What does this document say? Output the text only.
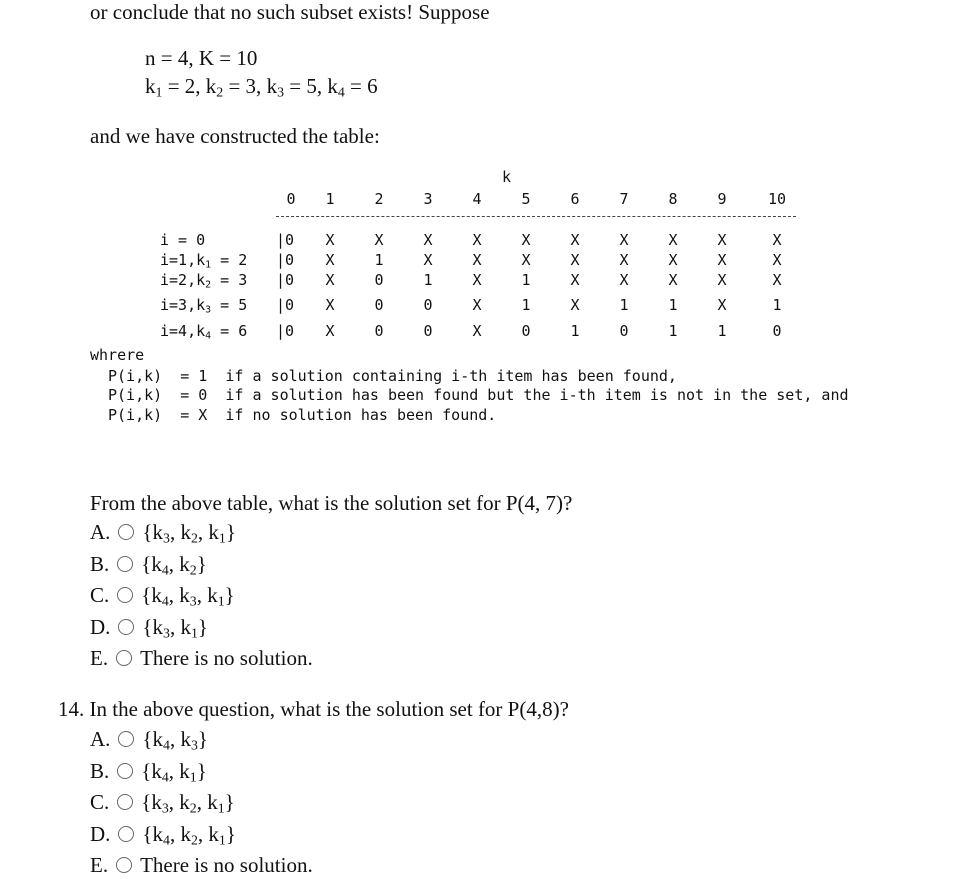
or conclude that no such subset exists! Suppose
n = 4, K = 10
$k_1 = 2$, $k_2 = 3$, $k_3 = 5$, $k_4 = 6$
and we have constructed the table:
k
0	1	2	3	4	5	6	7	8	9	10
i = 0	|0	X	X	X	X	X	X	X	X	X	X
$i=1,k_1 = 2$ |0	X	1	X	X	X	X	X	X	X	X
$i=2,k_2 = 3$ |0	X	0	1	X	1	X	X	X	X	X
$i=3,k_3 = 5$ |0	X	0	0	X	1	X	1	1	X	1
$i=4,k_4 = 6$ |0	X	0	0	X	0	1	0	1	1	0
whrere
P(i,k)  = 1  if a solution containing i-th item has been found,
P(i,k)  = 0  if a solution has been found but the i-th item is not in the set, and
P(i,k)  = X  if no solution has been found.
From the above table, what is the solution set for P(4, 7)?
A. {$k_3$, $k_2$, $k_1$}
B. {$k_4$, $k_2$}
C. {$k_4$, $k_3$, $k_1$}
D. {$k_3$, $k_1$}
E. There is no solution.
14. In the above question, what is the solution set for P(4,8)?
A. {$k_4$, $k_3$}
B. {$k_4$, $k_1$}
C. {$k_3$, $k_2$, $k_1$}
D. {$k_4$, $k_2$, $k_1$}
E. There is no solution.
